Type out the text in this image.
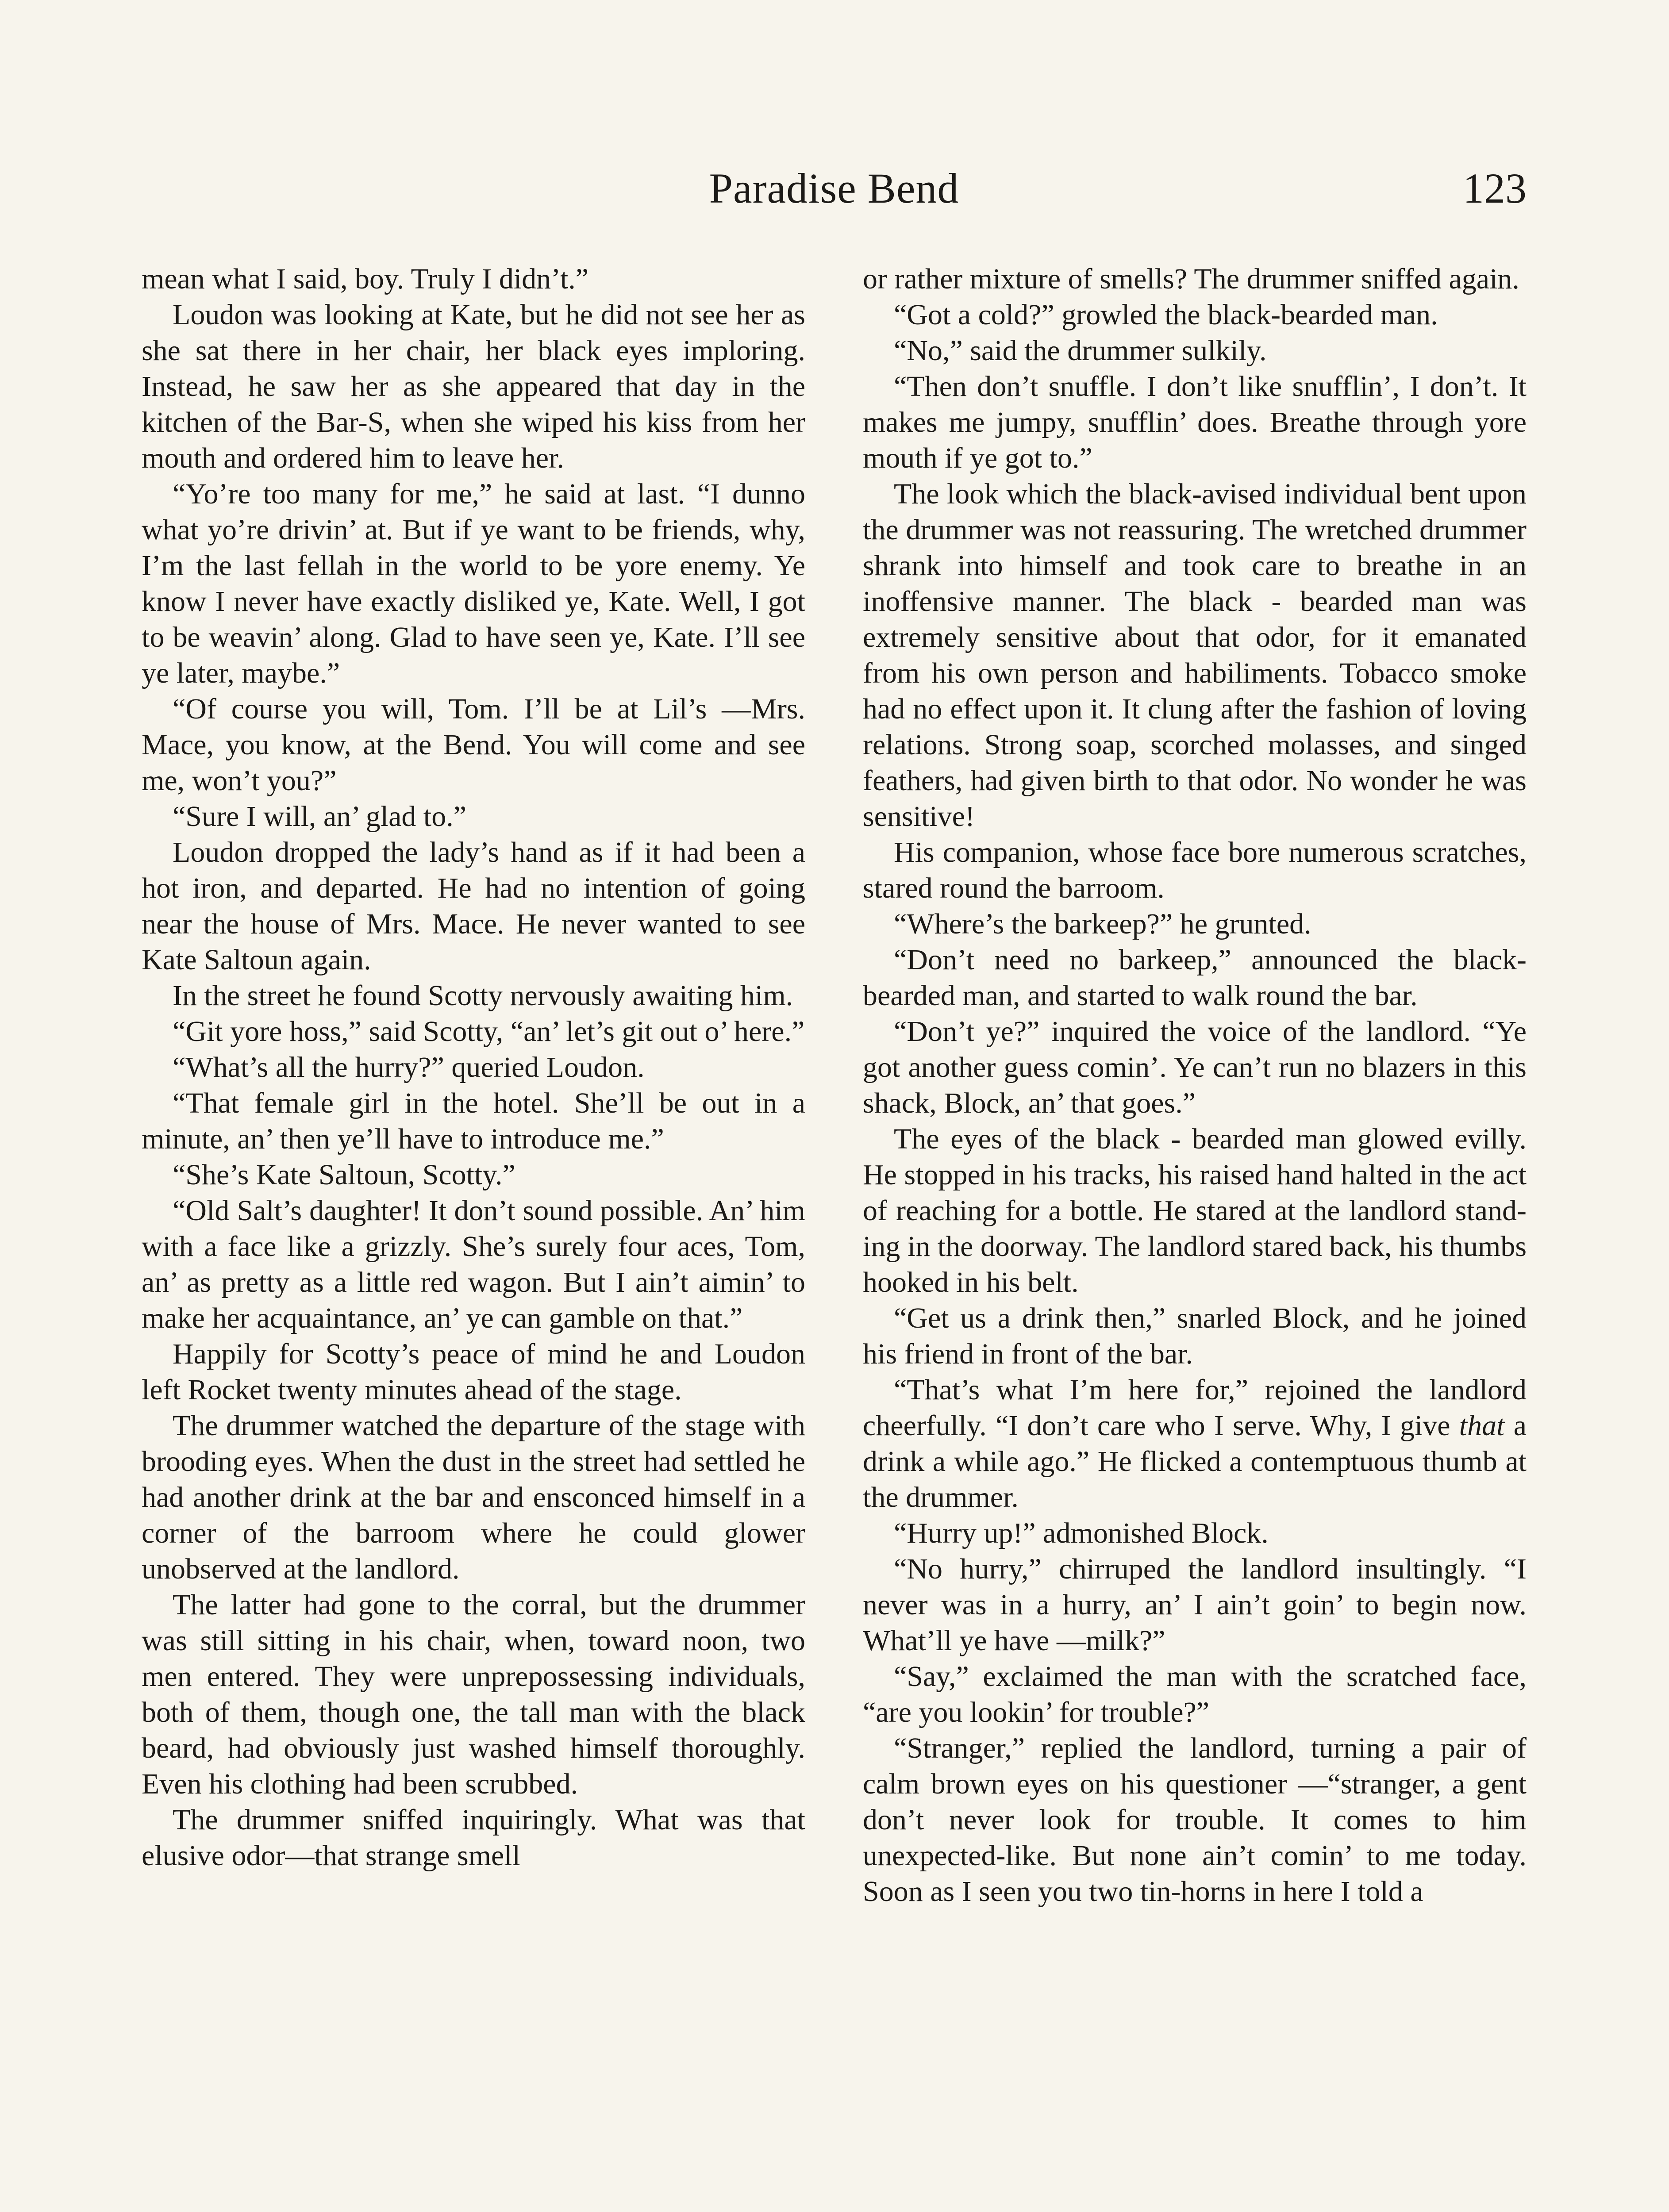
Paradise Bend	123

mean what I said, boy. Truly I didn’t.”

Loudon was looking at Kate, but he did not see her as she sat there in her chair, her black eyes imploring. Instead, he saw her as she appeared that day in the kitchen of the Bar-S, when she wiped his kiss from her mouth and ordered him to leave her.

“Yo’re too many for me,” he said at last. “I dunno what yo’re drivin’ at. But if ye want to be friends, why, I’m the last fellah in the world to be yore enemy. Ye know I never have exactly disliked ye, Kate. Well, I got to be weavin’ along. Glad to have seen ye, Kate. I’ll see ye later, maybe.”

“Of course you will, Tom. I’ll be at Lil’s —Mrs. Mace, you know, at the Bend. You will come and see me, won’t you?”

“Sure I will, an’ glad to.”

Loudon dropped the lady’s hand as if it had been a hot iron, and departed. He had no intention of going near the house of Mrs. Mace. He never wanted to see Kate Saltoun again.

In the street he found Scotty nervously awaiting him.

“Git yore hoss,” said Scotty, “an’ let’s git out o’ here.”

“What’s all the hurry?” queried Loudon.

“That female girl in the hotel. She’ll be out in a minute, an’ then ye’ll have to introduce me.”

“She’s Kate Saltoun, Scotty.”

“Old Salt’s daughter! It don’t sound possible. An’ him with a face like a grizzly. She’s surely four aces, Tom, an’ as pretty as a little red wagon. But I ain’t aimin’ to make her acquaintance, an’ ye can gamble on that.”

Happily for Scotty’s peace of mind he and Loudon left Rocket twenty minutes ahead of the stage.

The drummer watched the departure of the stage with brooding eyes. When the dust in the street had settled he had another drink at the bar and ensconced himself in a corner of the barroom where he could glower unobserved at the landlord.

The latter had gone to the corral, but the drummer was still sitting in his chair, when, toward noon, two men entered. They were unprepossessing individuals, both of them, though one, the tall man with the black beard, had obviously just washed himself thoroughly. Even his clothing had been scrubbed.

The drummer sniffed inquiringly. What was that elusive odor—that strange smell

or rather mixture of smells? The drummer sniffed again.

“Got a cold?” growled the black-bearded man.

“No,” said the drummer sulkily.

“Then don’t snuffle. I don’t like snufflin’, I don’t. It makes me jumpy, snufflin’ does. Breathe through yore mouth if ye got to.”

The look which the black-avised individual bent upon the drummer was not reassuring. The wretched drummer shrank into himself and took care to breathe in an inoffensive manner. The black - bearded man was extremely sensitive about that odor, for it emanated from his own person and habiliments. Tobacco smoke had no effect upon it. It clung after the fashion of loving relations. Strong soap, scorched molasses, and singed feathers, had given birth to that odor. No wonder he was sensitive!

His companion, whose face bore numerous scratches, stared round the barroom.

“Where’s the barkeep?” he grunted.

“Don’t need no barkeep,” announced the black-bearded man, and started to walk round the bar.

“Don’t ye?” inquired the voice of the landlord. “Ye got another guess comin’. Ye can’t run no blazers in this shack, Block, an’ that goes.”

The eyes of the black - bearded man glowed evilly. He stopped in his tracks, his raised hand halted in the act of reaching for a bottle. He stared at the landlord standing in the doorway. The landlord stared back, his thumbs hooked in his belt.

“Get us a drink then,” snarled Block, and he joined his friend in front of the bar.

“That’s what I’m here for,” rejoined the landlord cheerfully. “I don’t care who I serve. Why, I give that a drink a while ago.” He flicked a contemptuous thumb at the drummer.

“Hurry up!” admonished Block.

“No hurry,” chirruped the landlord insultingly. “I never was in a hurry, an’ I ain’t goin’ to begin now. What’ll ye have —milk?”

“Say,” exclaimed the man with the scratched face, “are you lookin’ for trouble?”

“Stranger,” replied the landlord, turning a pair of calm brown eyes on his questioner —“stranger, a gent don’t never look for trouble. It comes to him unexpected-like. But none ain’t comin’ to me today. Soon as I seen you two tin-horns in here I told a
